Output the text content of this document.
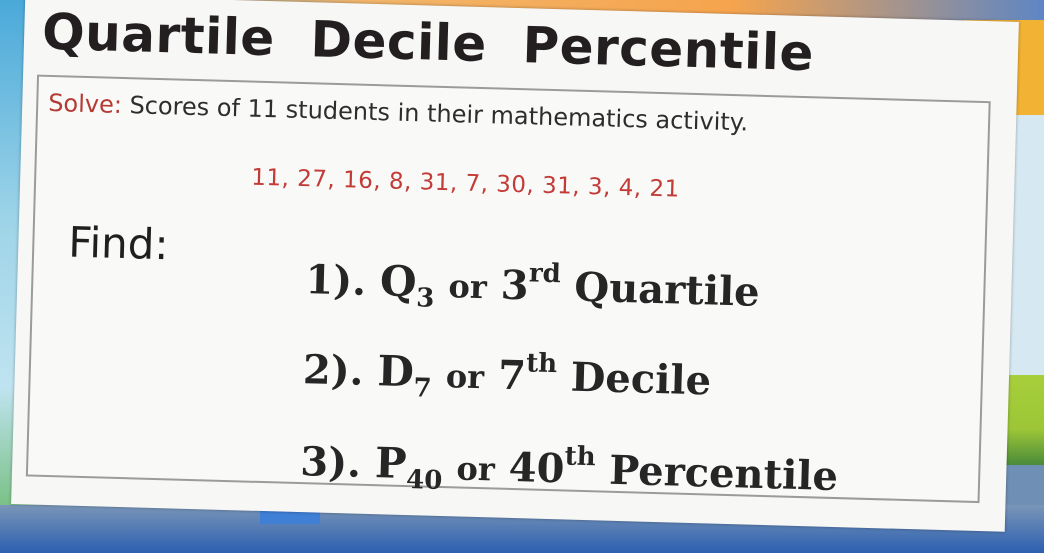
Quartile  Decile  Percentile
Solve: Scores of 11 students in their mathematics activity.
11, 27, 16, 8, 31, 7, 30, 31, 3, 4, 21
Find:
1). $Q_3$ or 3rd Quartile
2). $D_7$ or 7th Decile
3). $P_{40}$ or 40th Percentile
